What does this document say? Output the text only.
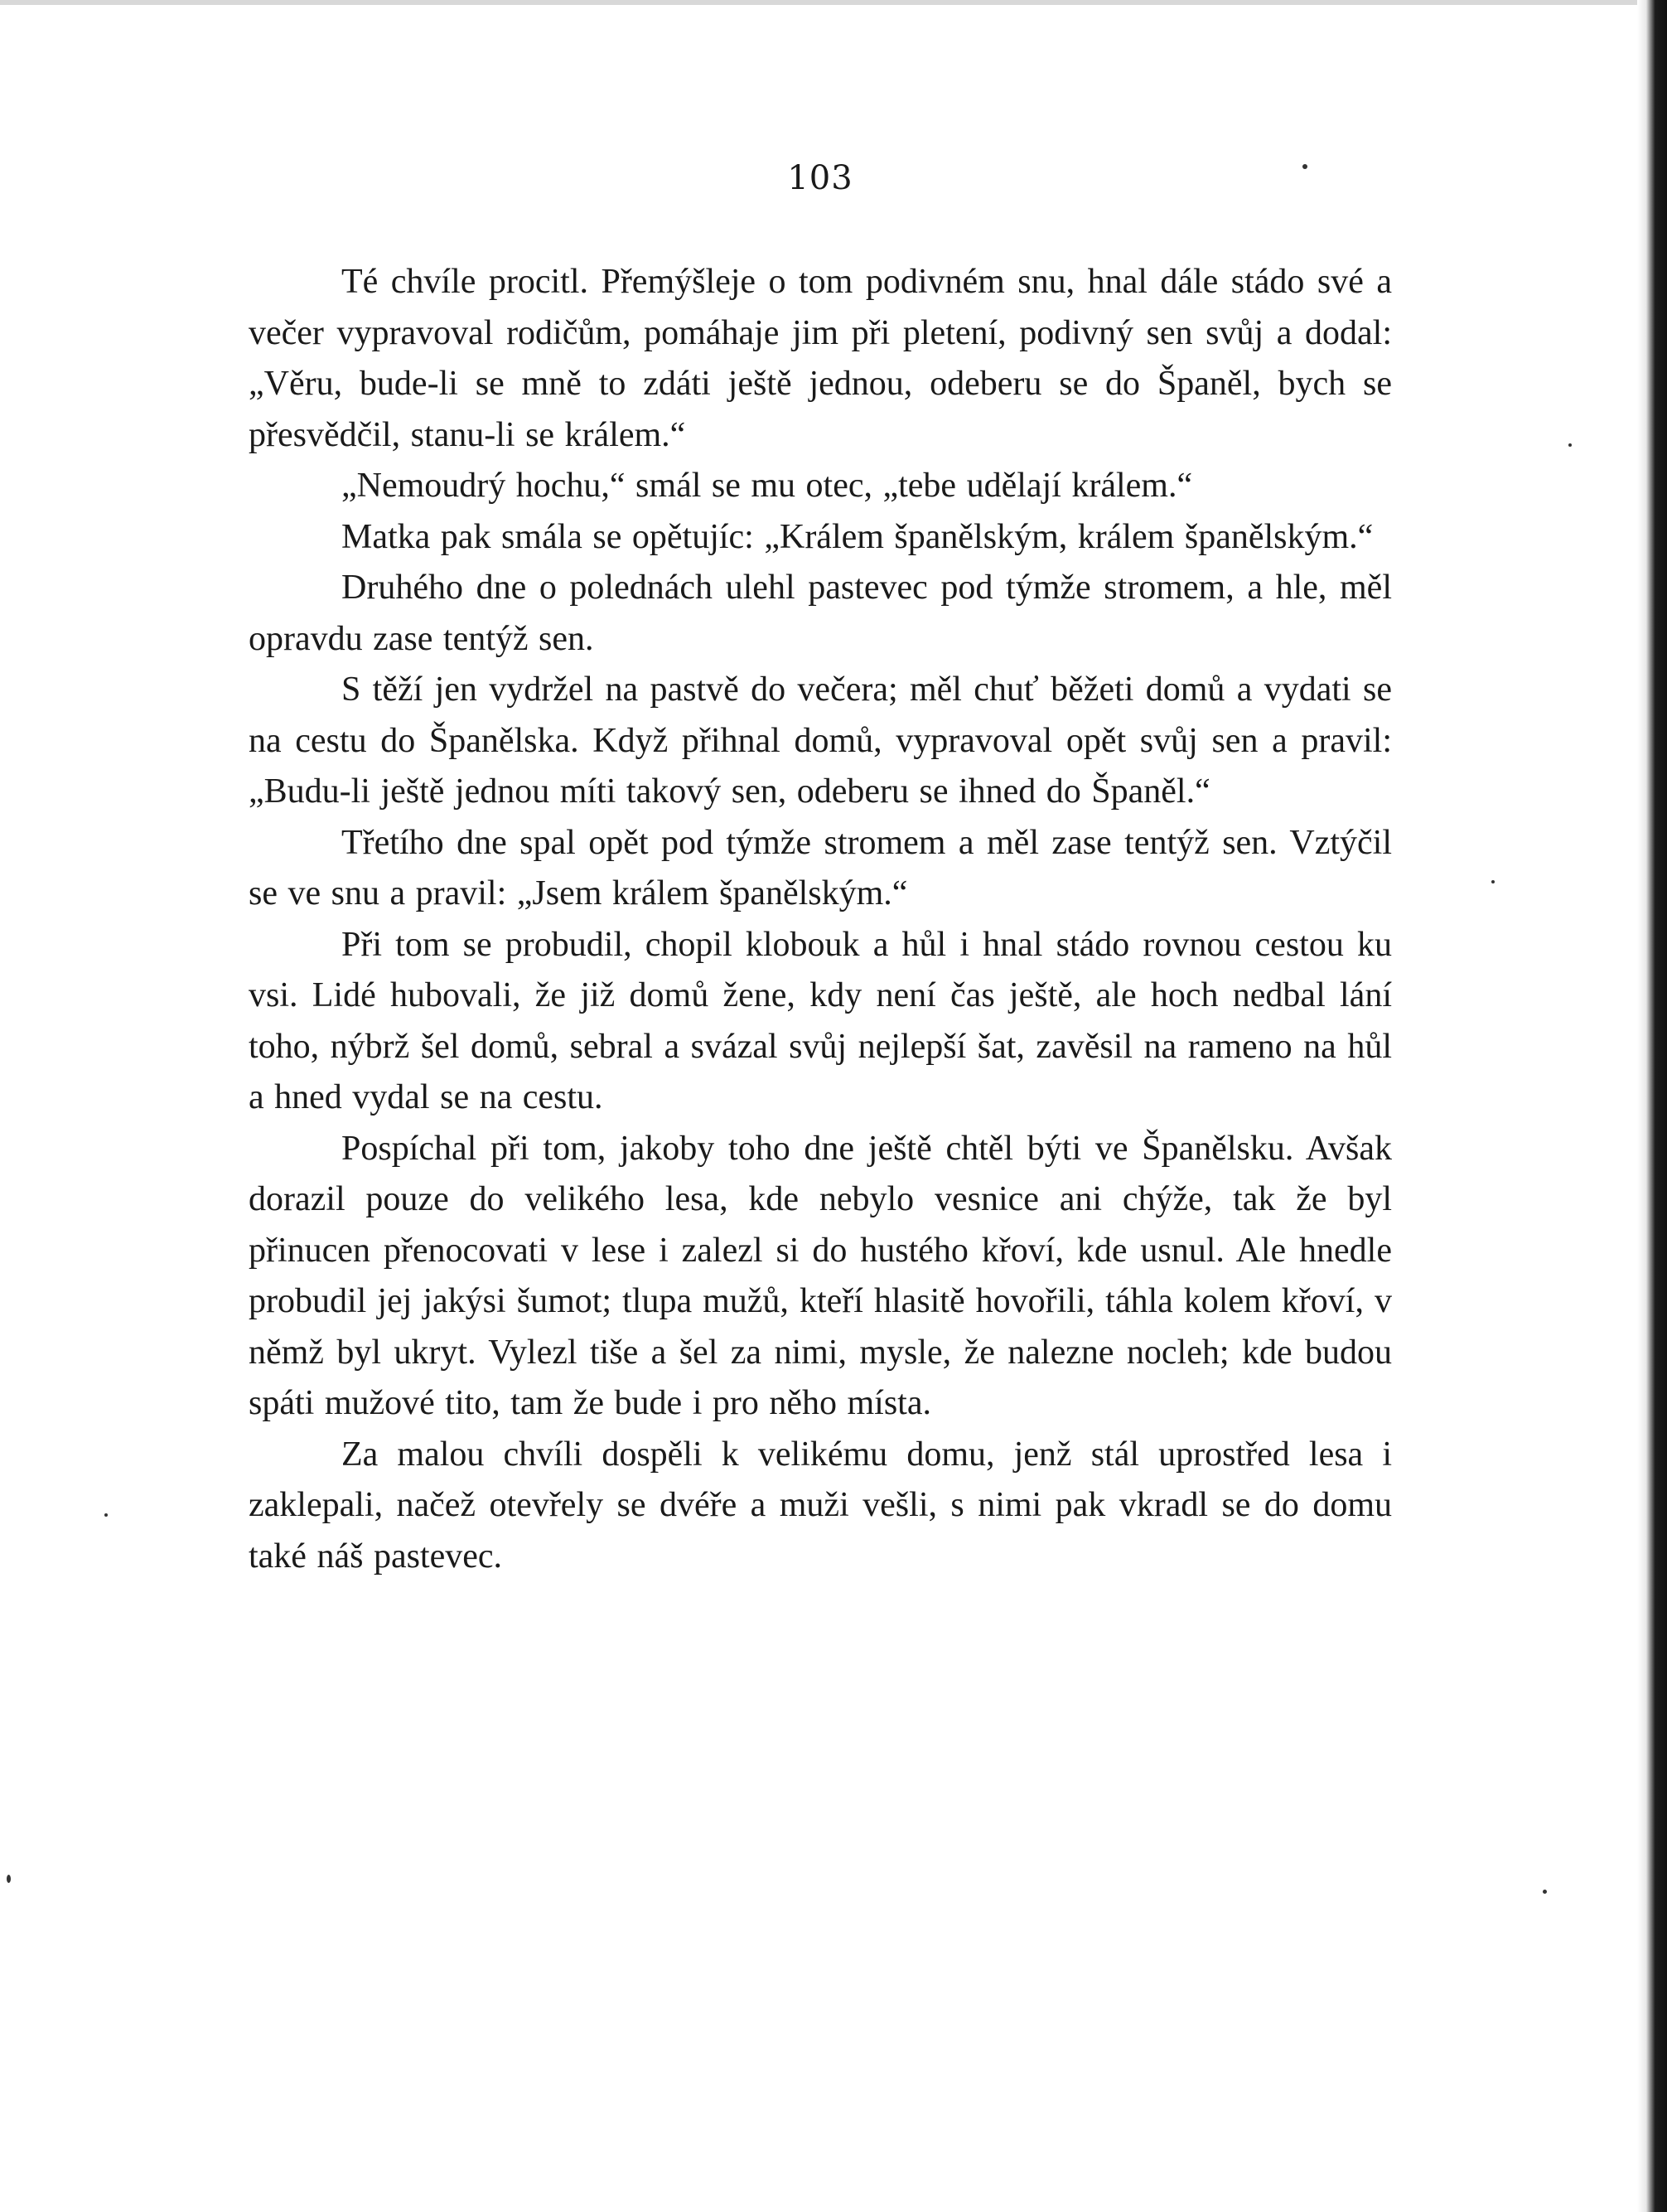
103

Té chvíle procitl. Přemýšleje o tom podivném snu, hnal dále stádo své a večer vypravoval rodičům, pomáhaje jim při pletení, podivný sen svůj a dodal: „Věru, bude-li se mně to zdáti ještě jednou, odeberu se do Španěl, bych se přesvědčil, stanu-li se králem.“

„Nemoudrý hochu,“ smál se mu otec, „tebe udělají králem.“

Matka pak smála se opětujíc: „Králem španělským, králem španělským.“

Druhého dne o polednách ulehl pastevec pod týmže stromem, a hle, měl opravdu zase tentýž sen.

S těží jen vydržel na pastvě do večera; měl chuť běžeti domů a vydati se na cestu do Španělska. Když přihnal domů, vypravoval opět svůj sen a pravil: „Budu-li ještě jednou míti takový sen, odeberu se ihned do Španěl.“

Třetího dne spal opět pod týmže stromem a měl zase tentýž sen. Vztýčil se ve snu a pravil: „Jsem králem španělským.“

Při tom se probudil, chopil klobouk a hůl i hnal stádo rovnou cestou ku vsi. Lidé hubovali, že již domů žene, kdy není čas ještě, ale hoch nedbal lání toho, nýbrž šel domů, sebral a svázal svůj nejlepší šat, zavěsil na rameno na hůl a hned vydal se na cestu.

Pospíchal při tom, jakoby toho dne ještě chtěl býti ve Španělsku. Avšak dorazil pouze do velikého lesa, kde nebylo vesnice ani chýže, tak že byl přinucen přenocovati v lese i zalezl si do hustého křoví, kde usnul. Ale hnedle probudil jej jakýsi šumot; tlupa mužů, kteří hlasitě hovořili, táhla kolem křoví, v němž byl ukryt. Vylezl tiše a šel za nimi, mysle, že nalezne nocleh; kde budou spáti mužové tito, tam že bude i pro něho místa.

Za malou chvíli dospěli k velikému domu, jenž stál uprostřed lesa i zaklepali, načež otevřely se dvéře a muži vešli, s nimi pak vkradl se do domu také náš pastevec.
